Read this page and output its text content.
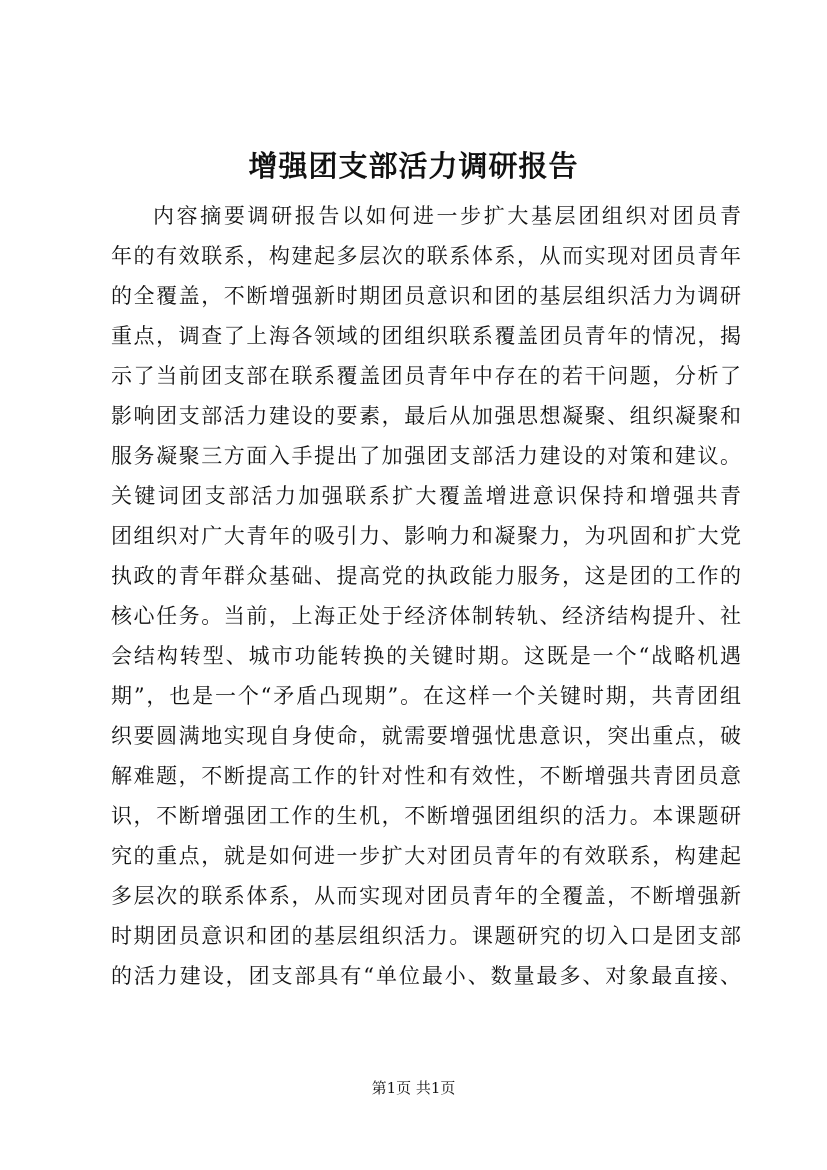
增强团支部活力调研报告
内容摘要调研报告以如何进一步扩大基层团组织对团员青
年的有效联系，构建起多层次的联系体系，从而实现对团员青年
的全覆盖，不断增强新时期团员意识和团的基层组织活力为调研
重点，调查了上海各领域的团组织联系覆盖团员青年的情况，揭
示了当前团支部在联系覆盖团员青年中存在的若干问题，分析了
影响团支部活力建设的要素，最后从加强思想凝聚、组织凝聚和
服务凝聚三方面入手提出了加强团支部活力建设的对策和建议。
关键词团支部活力加强联系扩大覆盖增进意识保持和增强共青
团组织对广大青年的吸引力、影响力和凝聚力，为巩固和扩大党
执政的青年群众基础、提高党的执政能力服务，这是团的工作的
核心任务。当前，上海正处于经济体制转轨、经济结构提升、社
会结构转型、城市功能转换的关键时期。这既是一个“战略机遇
期”，也是一个“矛盾凸现期”。在这样一个关键时期，共青团组
织要圆满地实现自身使命，就需要增强忧患意识，突出重点，破
解难题，不断提高工作的针对性和有效性，不断增强共青团员意
识，不断增强团工作的生机，不断增强团组织的活力。本课题研
究的重点，就是如何进一步扩大对团员青年的有效联系，构建起
多层次的联系体系，从而实现对团员青年的全覆盖，不断增强新
时期团员意识和团的基层组织活力。课题研究的切入口是团支部
的活力建设，团支部具有“单位最小、数量最多、对象最直接、
第1页 共1页
